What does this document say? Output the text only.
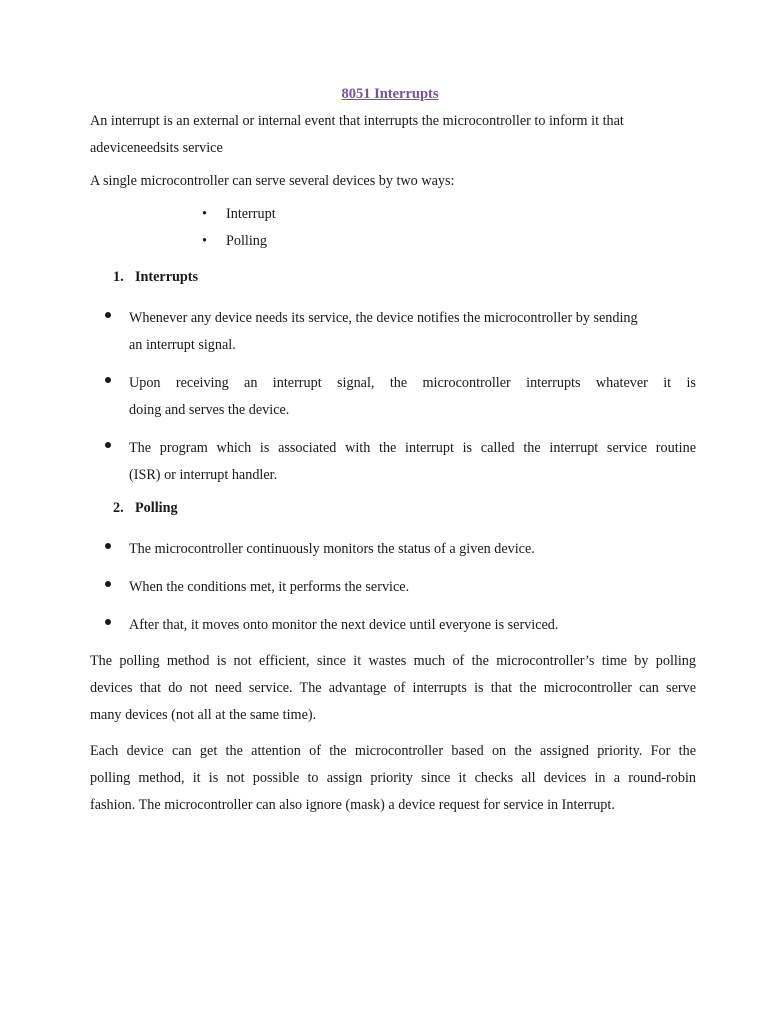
8051 Interrupts

An interrupt is an external or internal event that interrupts the microcontroller to inform it that
adeviceneedsits service

A single microcontroller can serve several devices by two ways:

• Interrupt
• Polling
1. Interrupts
Whenever any device needs its service, the device notifies the microcontroller by sending
an interrupt signal.
Upon receiving an interrupt signal, the microcontroller interrupts whatever it is
doing and serves the device.
The program which is associated with the interrupt is called the interrupt service routine
(ISR) or interrupt handler.
2. Polling
The microcontroller continuously monitors the status of a given device.
When the conditions met, it performs the service.
After that, it moves onto monitor the next device until everyone is serviced.

The polling method is not efficient, since it wastes much of the microcontroller’s time by polling
devices that do not need service. The advantage of interrupts is that the microcontroller can serve
many devices (not all at the same time).

Each device can get the attention of the microcontroller based on the assigned priority. For the
polling method, it is not possible to assign priority since it checks all devices in a round-robin
fashion. The microcontroller can also ignore (mask) a device request for service in Interrupt.
